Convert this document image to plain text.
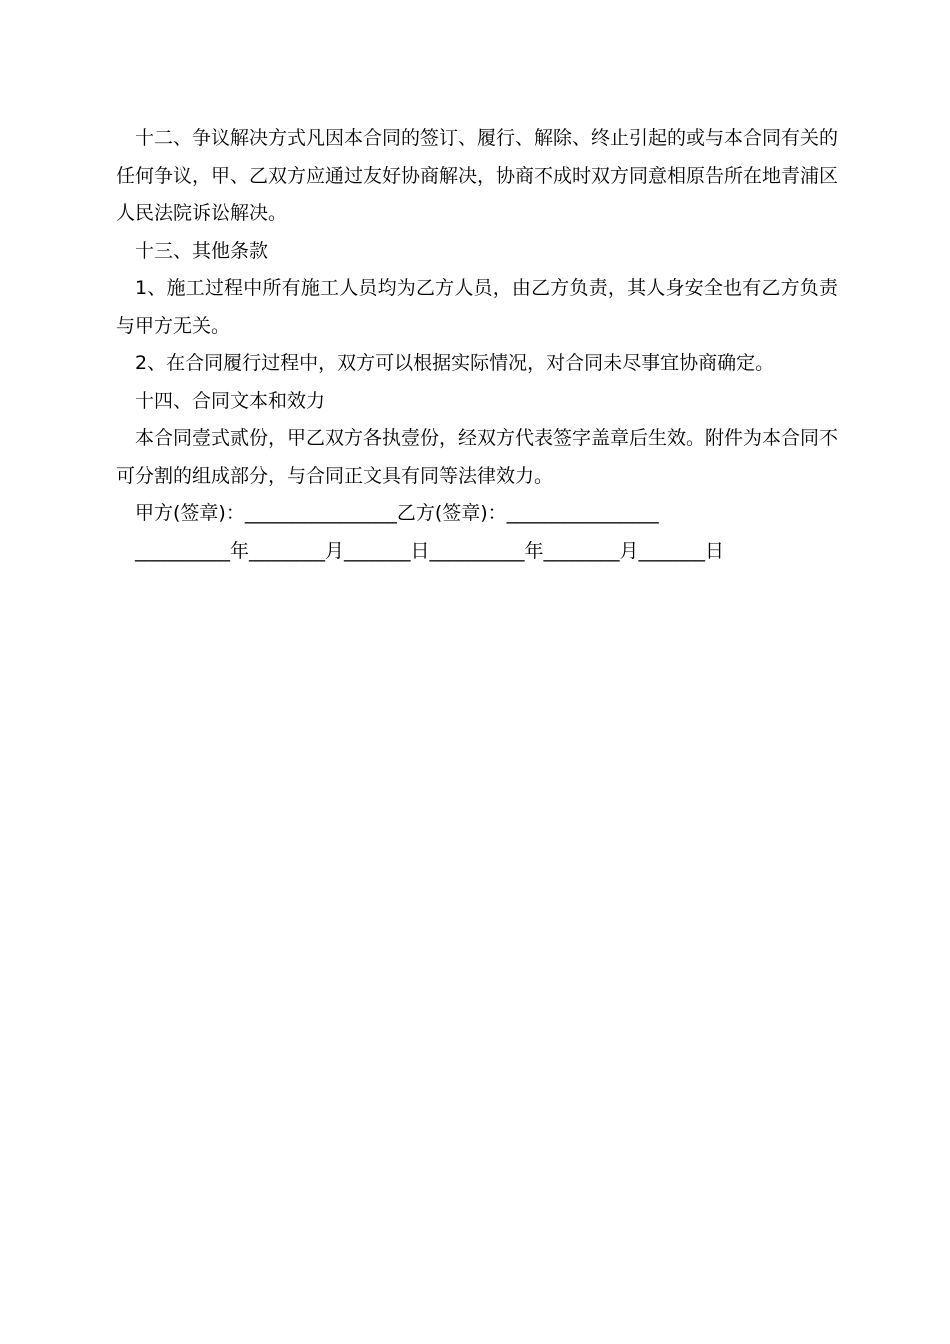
十二、争议解决方式凡因本合同的签订、履行、解除、终止引起的或与本合同有关的任何争议，甲、乙双方应通过友好协商解决，协商不成时双方同意相原告所在地青浦区人民法院诉讼解决。

十三、其他条款

1、施工过程中所有施工人员均为乙方人员，由乙方负责，其人身安全也有乙方负责与甲方无关。

2、在合同履行过程中，双方可以根据实际情况，对合同未尽事宜协商确定。

十四、合同文本和效力

本合同壹式贰份，甲乙双方各执壹份，经双方代表签字盖章后生效。附件为本合同不可分割的组成部分，与合同正文具有同等法律效力。

甲方(签章)：________________乙方(签章)：________________

__________年________月_______日__________年________月_______日
